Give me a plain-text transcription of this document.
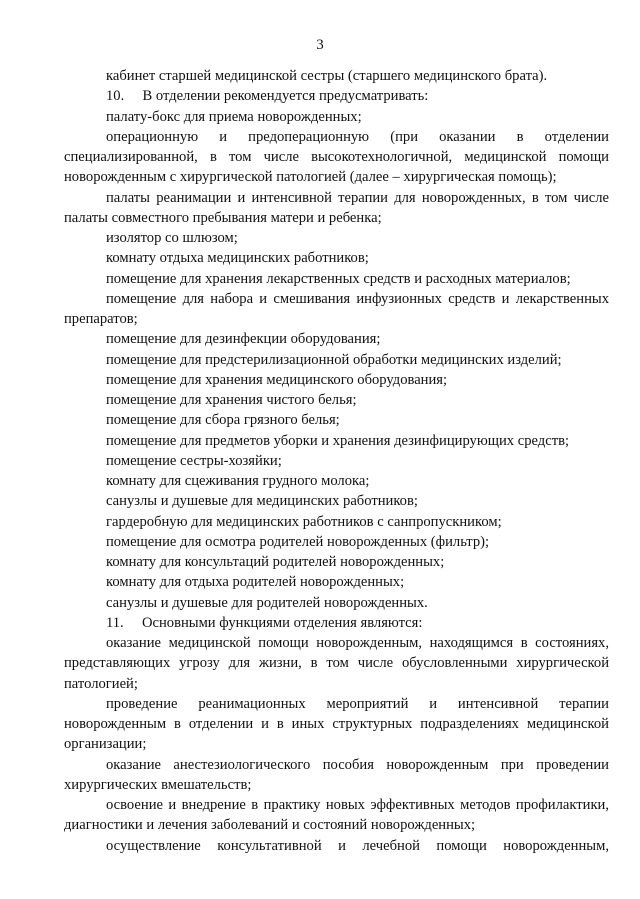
3

кабинет старшей медицинской сестры (старшего медицинского брата).

10.  В отделении рекомендуется предусматривать:

палату-бокс для приема новорожденных;

операционную и предоперационную (при оказании в отделении специализированной, в том числе высокотехнологичной, медицинской помощи новорожденным с хирургической патологией (далее – хирургическая помощь);

палаты реанимации и интенсивной терапии для новорожденных, в том числе палаты совместного пребывания матери и ребенка;

изолятор со шлюзом;

комнату отдыха медицинских работников;

помещение для хранения лекарственных средств и расходных материалов;

помещение для набора и смешивания инфузионных средств и лекарственных препаратов;

помещение для дезинфекции оборудования;

помещение для предстерилизационной обработки медицинских изделий;

помещение для хранения медицинского оборудования;

помещение для хранения чистого белья;

помещение для сбора грязного белья;

помещение для предметов уборки и хранения дезинфицирующих средств;

помещение сестры-хозяйки;

комнату для сцеживания грудного молока;

санузлы и душевые для медицинских работников;

гардеробную для медицинских работников с санпропускником;

помещение для осмотра родителей новорожденных (фильтр);

комнату для консультаций родителей новорожденных;

комнату для отдыха родителей новорожденных;

санузлы и душевые для родителей новорожденных.

11.  Основными функциями отделения являются:

оказание медицинской помощи новорожденным, находящимся в состояниях, представляющих угрозу для жизни, в том числе обусловленными хирургической патологией;

проведение реанимационных мероприятий и интенсивной терапии новорожденным в отделении и в иных структурных подразделениях медицинской организации;

оказание анестезиологического пособия новорожденным при проведении хирургических вмешательств;

освоение и внедрение в практику новых эффективных методов профилактики, диагностики и лечения заболеваний и состояний новорожденных;

осуществление консультативной и лечебной помощи новорожденным,
